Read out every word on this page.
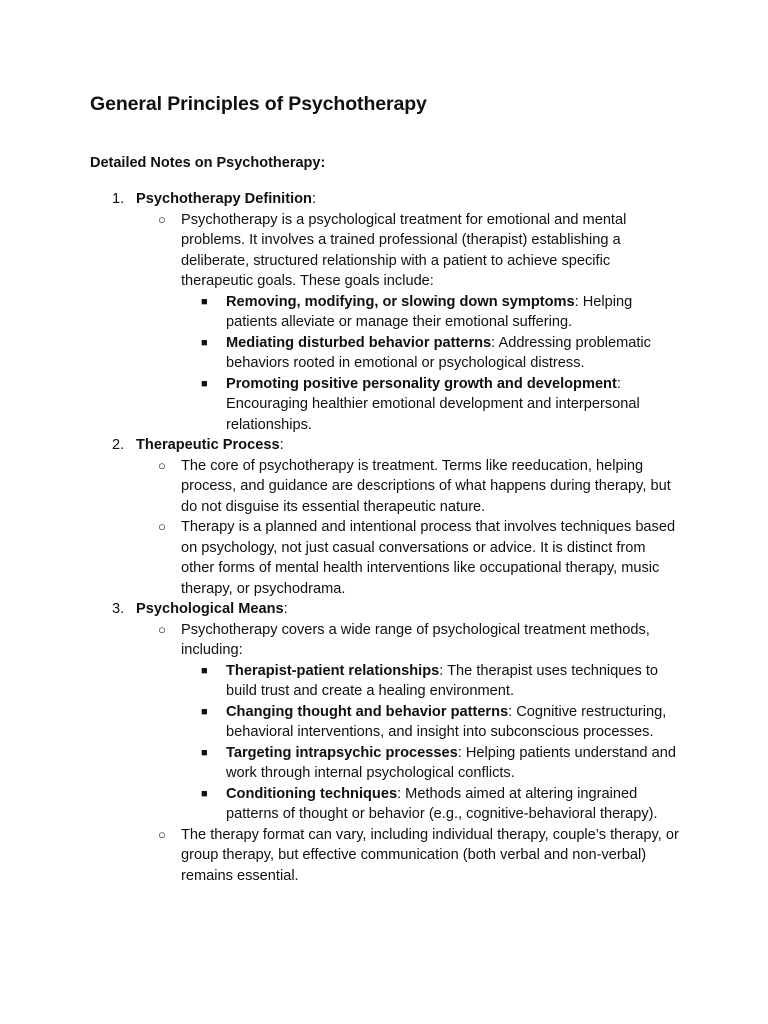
General Principles of Psychotherapy
Detailed Notes on Psychotherapy:
1. Psychotherapy Definition:
○ Psychotherapy is a psychological treatment for emotional and mental problems. It involves a trained professional (therapist) establishing a deliberate, structured relationship with a patient to achieve specific therapeutic goals. These goals include:
■ Removing, modifying, or slowing down symptoms: Helping patients alleviate or manage their emotional suffering.
■ Mediating disturbed behavior patterns: Addressing problematic behaviors rooted in emotional or psychological distress.
■ Promoting positive personality growth and development: Encouraging healthier emotional development and interpersonal relationships.
2. Therapeutic Process:
○ The core of psychotherapy is treatment. Terms like reeducation, helping process, and guidance are descriptions of what happens during therapy, but do not disguise its essential therapeutic nature.
○ Therapy is a planned and intentional process that involves techniques based on psychology, not just casual conversations or advice. It is distinct from other forms of mental health interventions like occupational therapy, music therapy, or psychodrama.
3. Psychological Means:
○ Psychotherapy covers a wide range of psychological treatment methods, including:
■ Therapist-patient relationships: The therapist uses techniques to build trust and create a healing environment.
■ Changing thought and behavior patterns: Cognitive restructuring, behavioral interventions, and insight into subconscious processes.
■ Targeting intrapsychic processes: Helping patients understand and work through internal psychological conflicts.
■ Conditioning techniques: Methods aimed at altering ingrained patterns of thought or behavior (e.g., cognitive-behavioral therapy).
○ The therapy format can vary, including individual therapy, couple’s therapy, or group therapy, but effective communication (both verbal and non-verbal) remains essential.
